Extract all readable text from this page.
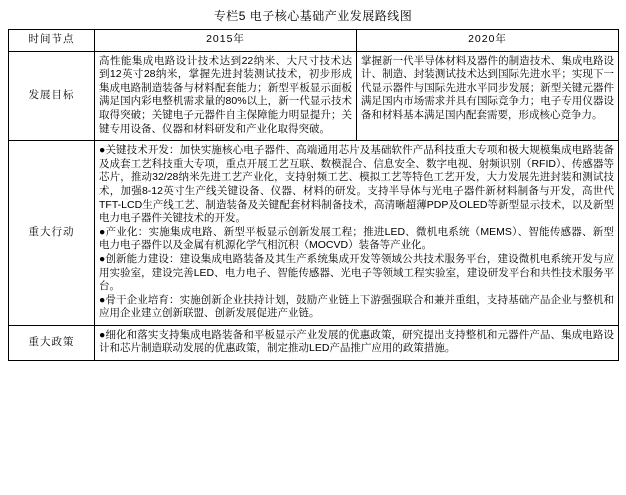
专栏5 电子核心基础产业发展路线图
时间节点	2015年	2020年
发展目标	高性能集成电路设计技术达到22纳米、大尺寸技术达到12英寸28纳米，掌握先进封装测试技术，初步形成集成电路制造装备与材料配套能力；新型平板显示面板满足国内彩电整机需求量的80%以上，新一代显示技术取得突破；关键电子元器件自主保障能力明显提升；关键专用设备、仪器和材料研发和产业化取得突破。	掌握新一代半导体材料及器件的制造技术、集成电路设计、制造、封装测试技术达到国际先进水平；实现下一代显示器件与国际先进水平同步发展；新型关键元器件满足国内市场需求并具有国际竞争力；电子专用仪器设备和材料基本满足国内配套需要，形成核心竞争力。

重大行动	●关键技术开发：加快实施核心电子器件、高端通用芯片及基础软件产品科技重大专项和极大规模集成电路装备及成套工艺科技重大专项，重点开展工艺互联、数模混合、信息安全、数字电视、射频识别（RFID）、传感器等芯片，推动32/28纳米先进工艺产业化，支持射频工艺、模拟工艺等特色工艺开发，大力发展先进封装和测试技术，加强8-12英寸生产线关键设备、仪器、材料的研发。支持半导体与光电子器件新材料制备与开发，高世代TFT-LCD生产线工艺、制造装备及关键配套材料制备技术，高清晰超薄PDP及OLED等新型显示技术，以及新型电力电子器件关键技术的开发。

●产业化：实施集成电路、新型平板显示创新发展工程；推进LED、微机电系统（MEMS）、智能传感器、新型电力电子器件以及金属有机源化学气相沉积（MOCVD）装备等产业化。

●创新能力建设：建设集成电路装备及其生产系统集成开发等领域公共技术服务平台，建设微机电系统开发与应用实验室，建设完善LED、电力电子、智能传感器、光电子等领域工程实验室，建设研发平台和共性技术服务平台。

●骨干企业培育：实施创新企业扶持计划，鼓励产业链上下游强强联合和兼并重组，支持基础产品企业与整机和应用企业建立创新联盟、创新发展促进产业链。	

重大政策	●细化和落实支持集成电路装备和平板显示产业发展的优惠政策，研究提出支持整机和元器件产品、集成电路设计和芯片制造联动发展的优惠政策，制定推动LED产品推广应用的政策措施。	
